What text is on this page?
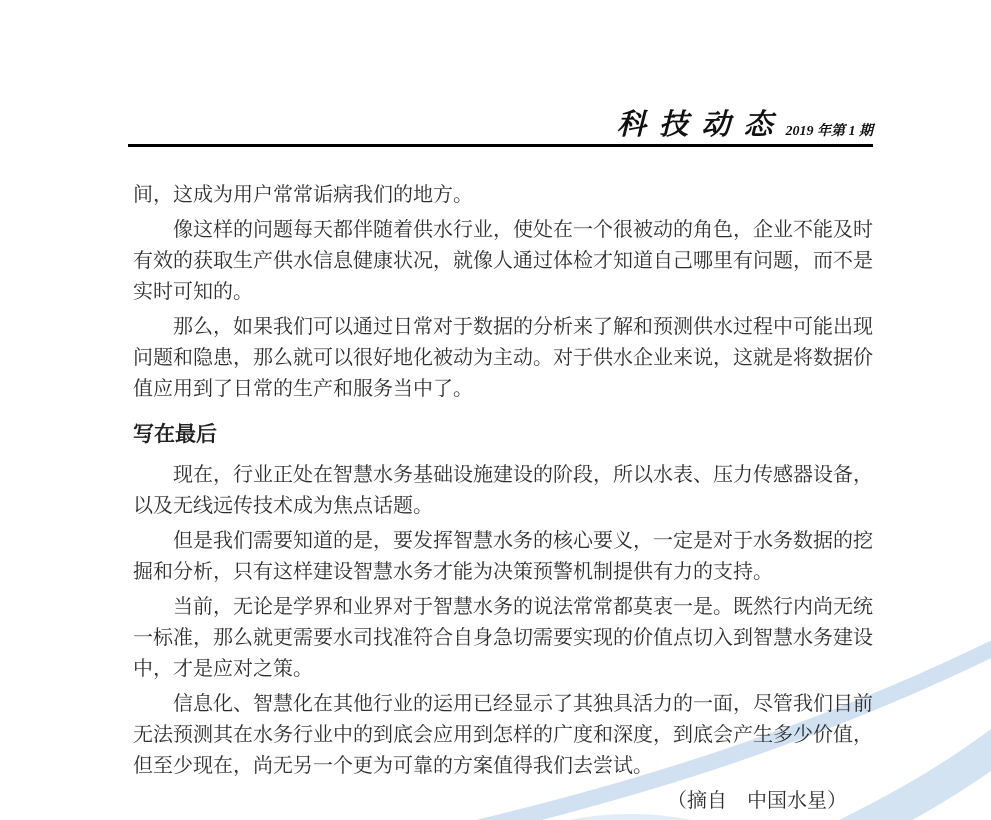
科 技 动 态 2019 年第 1 期
间，这成为用户常常诟病我们的地方。
像这样的问题每天都伴随着供水行业，使处在一个很被动的角色，企业不能及时
有效的获取生产供水信息健康状况，就像人通过体检才知道自己哪里有问题，而不是
实时可知的。
那么，如果我们可以通过日常对于数据的分析来了解和预测供水过程中可能出现
问题和隐患，那么就可以很好地化被动为主动。对于供水企业来说，这就是将数据价
值应用到了日常的生产和服务当中了。
写在最后
现在，行业正处在智慧水务基础设施建设的阶段，所以水表、压力传感器设备，
以及无线远传技术成为焦点话题。
但是我们需要知道的是，要发挥智慧水务的核心要义，一定是对于水务数据的挖
掘和分析，只有这样建设智慧水务才能为决策预警机制提供有力的支持。
当前，无论是学界和业界对于智慧水务的说法常常都莫衷一是。既然行内尚无统
一标准，那么就更需要水司找准符合自身急切需要实现的价值点切入到智慧水务建设
中，才是应对之策。
信息化、智慧化在其他行业的运用已经显示了其独具活力的一面，尽管我们目前
无法预测其在水务行业中的到底会应用到怎样的广度和深度，到底会产生多少价值，
但至少现在，尚无另一个更为可靠的方案值得我们去尝试。
（摘自　中国水星）
